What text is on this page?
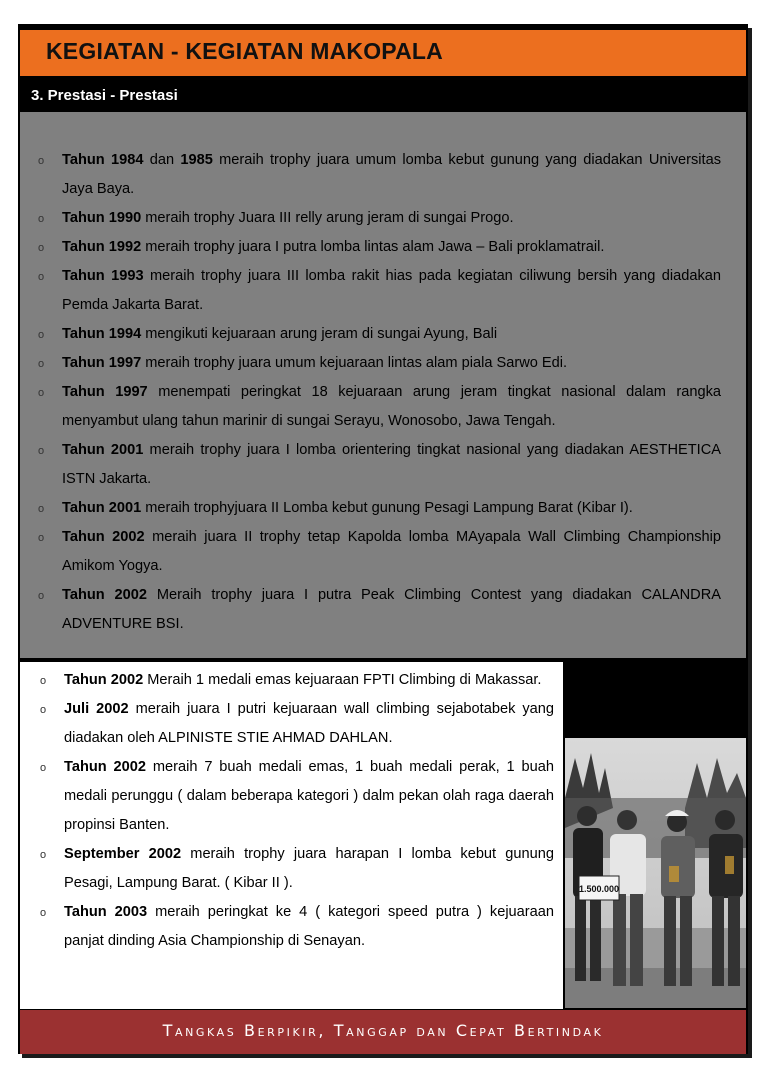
KEGIATAN - KEGIATAN MAKOPALA
3. Prestasi - Prestasi
o Tahun 1984 dan 1985 meraih trophy juara umum lomba kebut gunung yang diadakan Universitas Jaya Baya.
o Tahun 1990 meraih trophy Juara III relly arung jeram di sungai Progo.
o Tahun 1992 meraih trophy juara I putra lomba lintas alam Jawa – Bali proklamatrail.
o Tahun 1993 meraih trophy juara III lomba rakit hias pada kegiatan ciliwung bersih yang diadakan Pemda Jakarta Barat.
o Tahun 1994 mengikuti kejuaraan arung jeram di sungai Ayung, Bali
o Tahun 1997 meraih trophy juara umum kejuaraan lintas alam piala Sarwo Edi.
o Tahun 1997 menempati peringkat 18 kejuaraan arung jeram tingkat nasional dalam rangka menyambut ulang tahun marinir di sungai Serayu, Wonosobo, Jawa Tengah.
o Tahun 2001 meraih trophy juara I lomba orientering tingkat nasional yang diadakan AESTHETICA ISTN Jakarta.
o Tahun 2001 meraih trophyjuara II Lomba kebut gunung Pesagi Lampung Barat (Kibar I).
o Tahun 2002 meraih juara II trophy tetap Kapolda lomba MAyapala Wall Climbing Championship Amikom Yogya.
o Tahun 2002 Meraih trophy juara I putra Peak Climbing Contest yang diadakan CALANDRA ADVENTURE BSI.
o Tahun 2002 Meraih 1 medali emas kejuaraan FPTI Climbing di Makassar.
o Juli 2002 meraih juara I putri kejuaraan wall climbing sejabotabek yang diadakan oleh ALPINISTE STIE AHMAD DAHLAN.
o Tahun 2002 meraih 7 buah medali emas, 1 buah medali perak, 1 buah medali perunggu ( dalam beberapa kategori ) dalm pekan olah raga daerah propinsi Banten.
o September 2002 meraih trophy juara harapan I lomba kebut gunung Pesagi, Lampung Barat. ( Kibar II ).
o Tahun 2003 meraih peringkat ke 4 ( kategori speed putra ) kejuaraan panjat dinding Asia Championship di Senayan.
1.500.000
Tangkas Berpikir, Tanggap dan Cepat Bertindak
